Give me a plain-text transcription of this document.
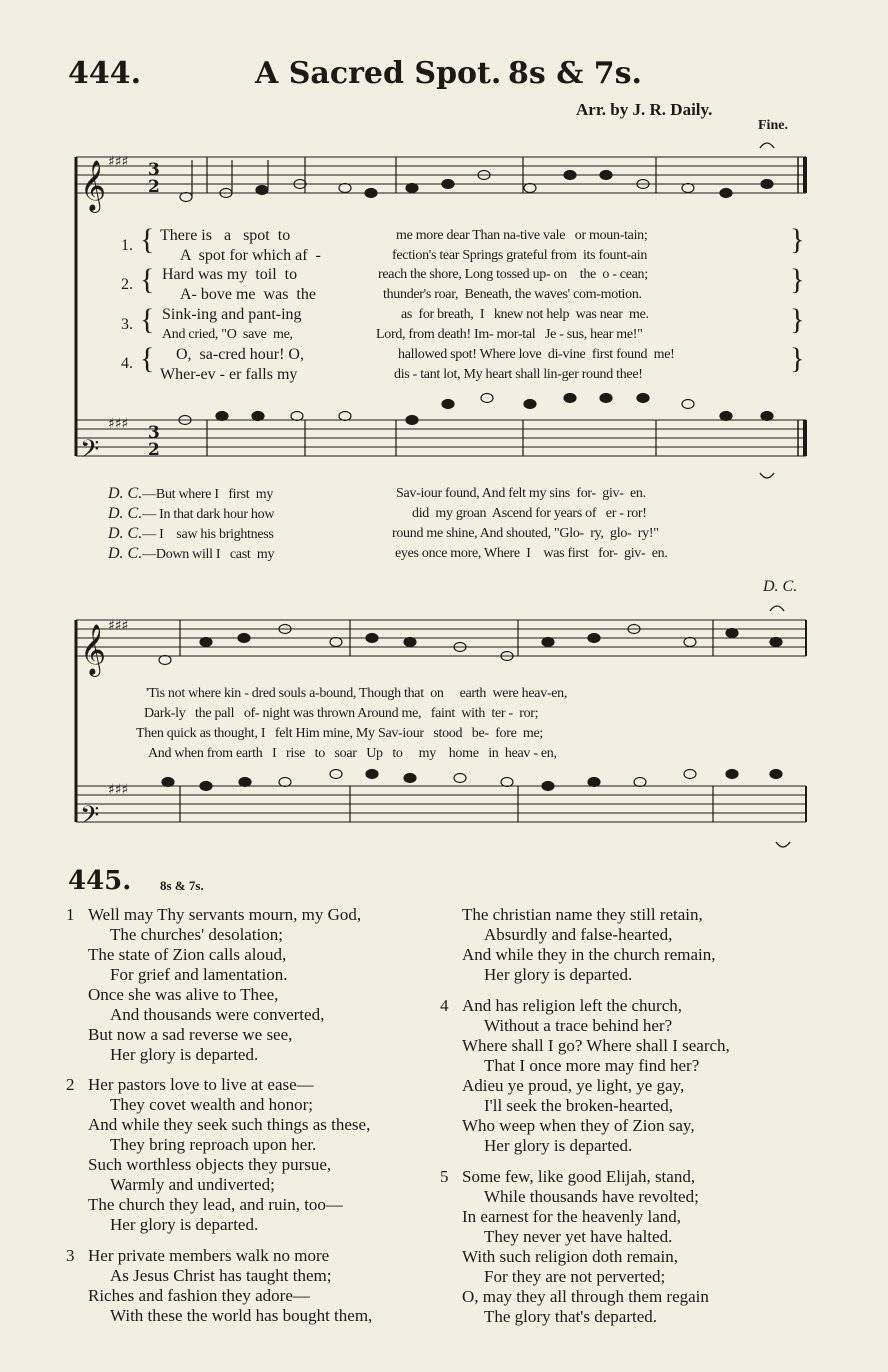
444.	A Sacred Spot. 8s & 7s.
Arr. by J. R. Daily.
Fine.
𝄞
𝄢
𝄞
𝄢
♯♯♯
♯♯♯
♯♯♯
♯♯♯
3
2
3
2
1.
2.
3.
4.
{
{
{
{
}
}
}
}
There is   a   spot  to	me more dear Than na-tive vale   or moun-tain;
A  spot for which af  -	fection's tear Springs grateful from  its fount-ain
Hard was my  toil  to	reach the shore, Long tossed up- on    the  o - cean;
A- bove me  was  the	thunder's roar,  Beneath, the waves' com-motion.
Sink-ing and pant-ing	as  for breath,  I   knew not help  was near  me.
And cried, "O  save  me,	Lord, from death! Im- mor-tal   Je - sus, hear me!"
O,  sa-cred hour! O,	hallowed spot! Where love  di-vine  first found  me!
Wher-ev - er falls my	dis - tant lot, My heart shall lin-ger round thee!
D. C.—But where I   first  my	Sav-iour found, And felt my sins  for-  giv-  en.
D. C.— In that dark hour how	did  my groan  Ascend for years of   er - ror!
D. C.— I    saw his brightness	round me shine, And shouted, "Glo-  ry,  glo-  ry!"
D. C.—Down will I   cast  my	eyes once more, Where  I    was first   for-  giv-  en.
D. C.
'Tis not where kin - dred souls a-bound, Though that  on     earth  were heav-en,
Dark-ly   the pall   of- night was thrown Around me,   faint  with  ter -  ror;
Then quick as thought, I   felt Him mine, My Sav-iour   stood   be-  fore  me;
And when from earth   I   rise   to   soar   Up   to     my    home   in  heav - en,
445. 8s & 7s.
1 Well may Thy servants mourn, my God,
The churches' desolation;
The state of Zion calls aloud,
For grief and lamentation.
Once she was alive to Thee,
And thousands were converted,
But now a sad reverse we see,
Her glory is departed.
2 Her pastors love to live at ease—
They covet wealth and honor;
And while they seek such things as these,
They bring reproach upon her.
Such worthless objects they pursue,
Warmly and undiverted;
The church they lead, and ruin, too—
Her glory is departed.
3 Her private members walk no more
As Jesus Christ has taught them;
Riches and fashion they adore—
With these the world has bought them,
The christian name they still retain,
Absurdly and false-hearted,
And while they in the church remain,
Her glory is departed.
4 And has religion left the church,
Without a trace behind her?
Where shall I go? Where shall I search,
That I once more may find her?
Adieu ye proud, ye light, ye gay,
I'll seek the broken-hearted,
Who weep when they of Zion say,
Her glory is departed.
5 Some few, like good Elijah, stand,
While thousands have revolted;
In earnest for the heavenly land,
They never yet have halted.
With such religion doth remain,
For they are not perverted;
O, may they all through them regain
The glory that's departed.
